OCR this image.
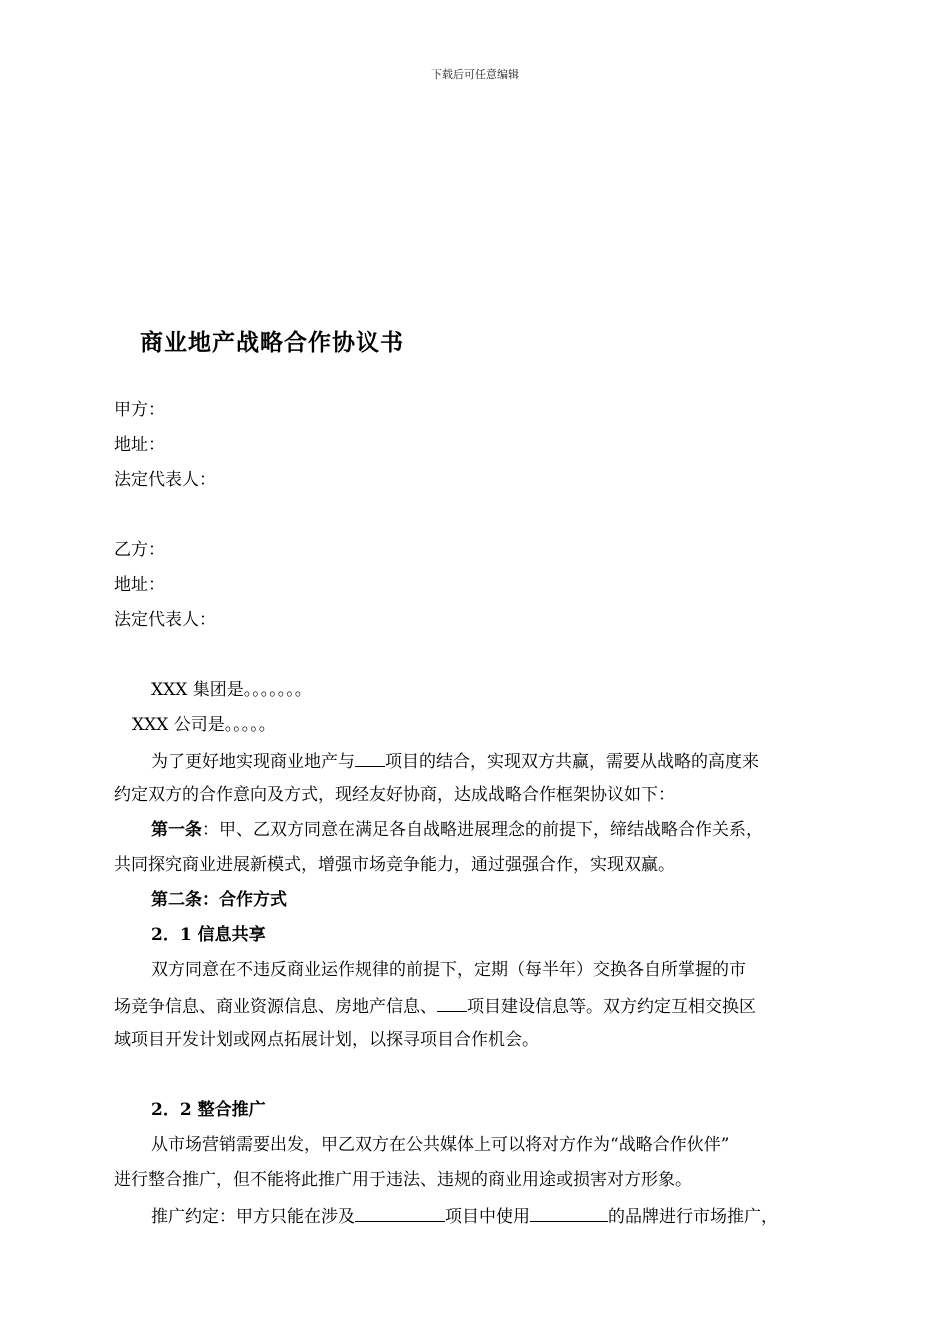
下载后可任意编辑
商业地产战略合作协议书
甲方：
地址：
法定代表人：
乙方：
地址：
法定代表人：
XXX 集团是。。。。。。。
XXX 公司是。。。。。
为了更好地实现商业地产与 项目的结合，实现双方共赢，需要从战略的高度来
约定双方的合作意向及方式，现经友好协商，达成战略合作框架协议如下：
第一条：甲、乙双方同意在满足各自战略进展理念的前提下，缔结战略合作关系，
共同探究商业进展新模式，增强市场竞争能力，通过强强合作，实现双赢。
第二条：合作方式
2．1 信息共享
双方同意在不违反商业运作规律的前提下，定期（每半年）交换各自所掌握的市
场竞争信息、商业资源信息、房地产信息、 项目建设信息等。双方约定互相交换区
域项目开发计划或网点拓展计划，以探寻项目合作机会。
2．2 整合推广
从市场营销需要出发，甲乙双方在公共媒体上可以将对方作为“战略合作伙伴”
进行整合推广，但不能将此推广用于违法、违规的商业用途或损害对方形象。
推广约定：甲方只能在涉及	项目中使用	的品牌进行市场推广，
